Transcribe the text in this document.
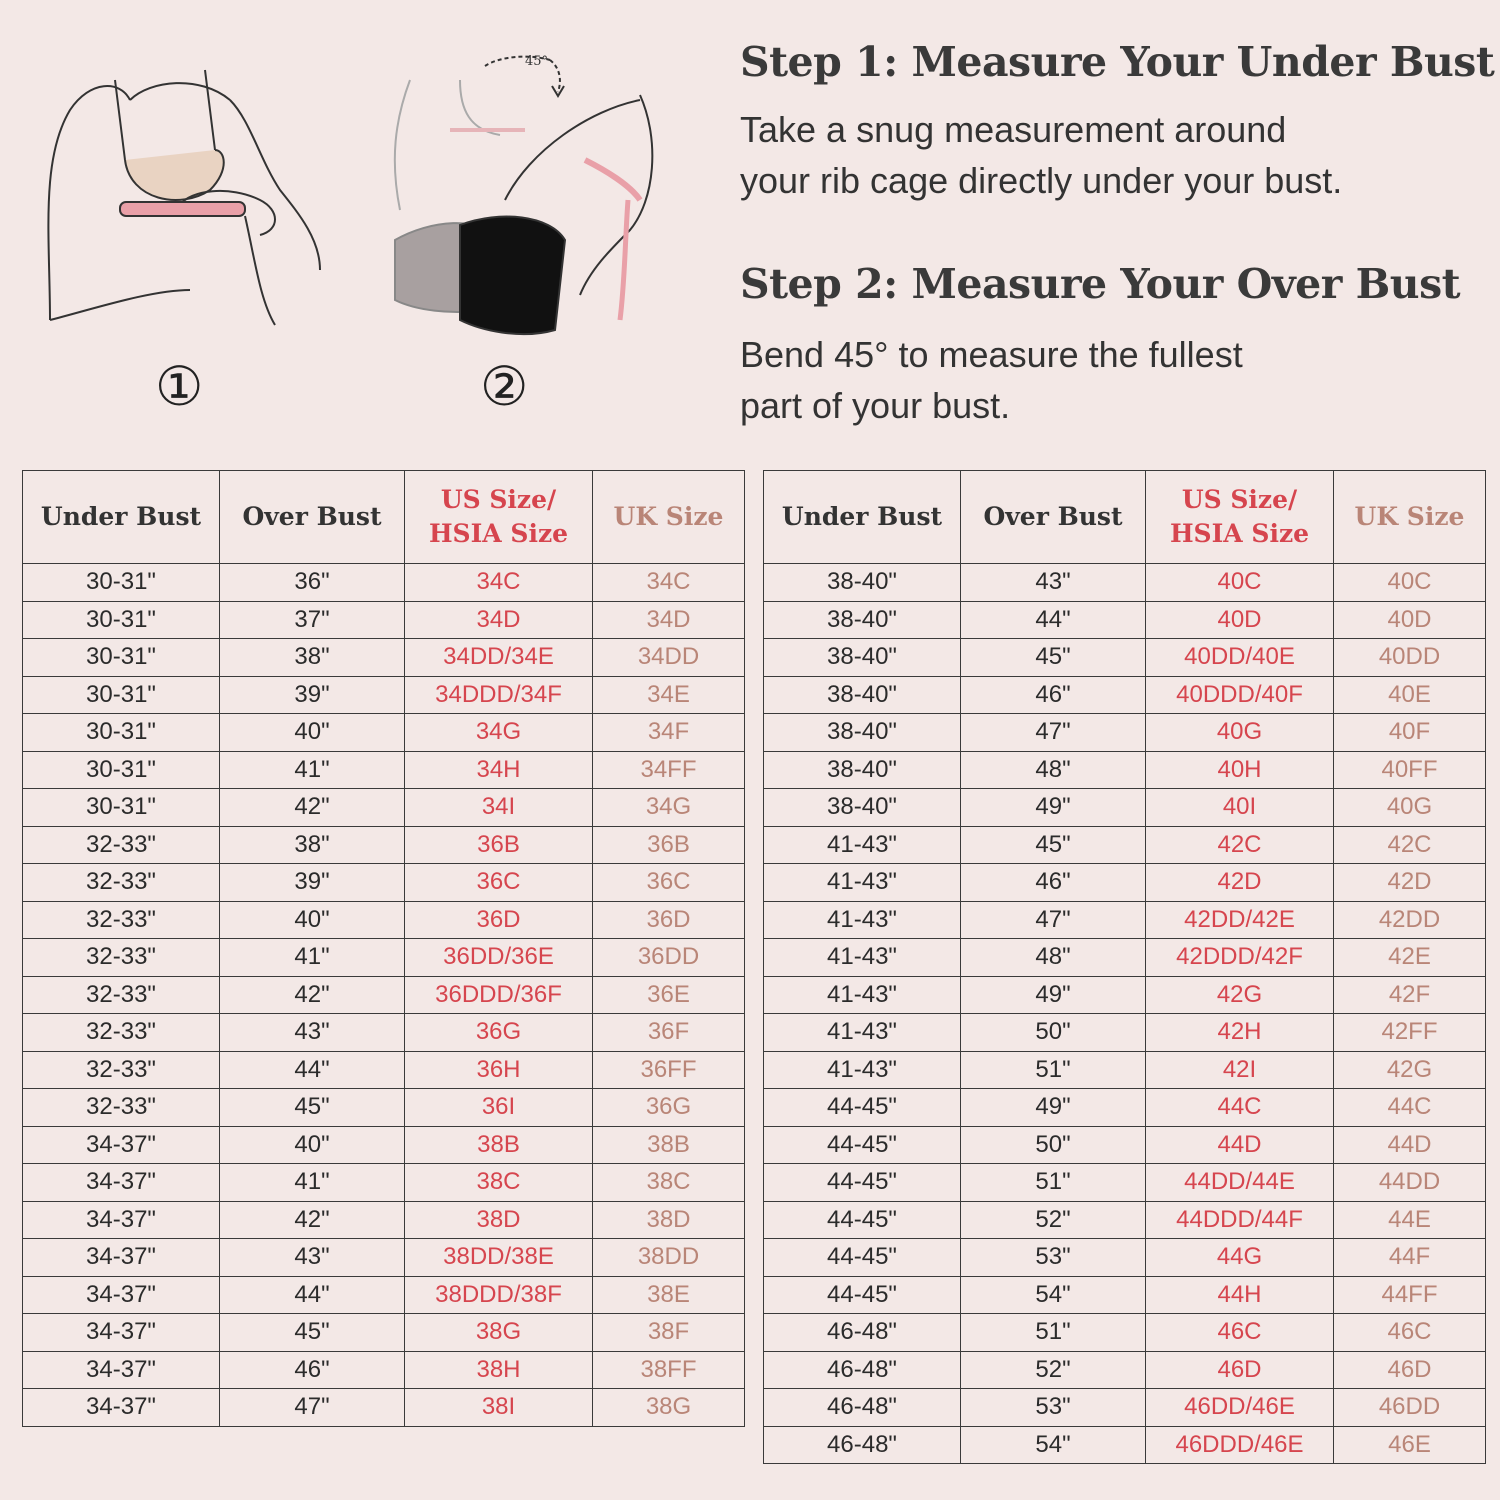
45°
①	②
Step 1: Measure Your Under Bust
Take a snug measurement around
your rib cage directly under your bust.
Step 2: Measure Your Over Bust
Bend 45° to measure the fullest
part of your bust.
Under Bust	Over Bust	US Size/
HSIA Size	UK Size
30-31"	36"	34C	34C
30-31"	37"	34D	34D
30-31"	38"	34DD/34E	34DD
30-31"	39"	34DDD/34F	34E
30-31"	40"	34G	34F
30-31"	41"	34H	34FF
30-31"	42"	34I	34G
32-33"	38"	36B	36B
32-33"	39"	36C	36C
32-33"	40"	36D	36D
32-33"	41"	36DD/36E	36DD
32-33"	42"	36DDD/36F	36E
32-33"	43"	36G	36F
32-33"	44"	36H	36FF
32-33"	45"	36I	36G
34-37"	40"	38B	38B
34-37"	41"	38C	38C
34-37"	42"	38D	38D
34-37"	43"	38DD/38E	38DD
34-37"	44"	38DDD/38F	38E
34-37"	45"	38G	38F
34-37"	46"	38H	38FF
34-37"	47"	38I	38G
Under Bust	Over Bust	US Size/
HSIA Size	UK Size
38-40"	43"	40C	40C
38-40"	44"	40D	40D
38-40"	45"	40DD/40E	40DD
38-40"	46"	40DDD/40F	40E
38-40"	47"	40G	40F
38-40"	48"	40H	40FF
38-40"	49"	40I	40G
41-43"	45"	42C	42C
41-43"	46"	42D	42D
41-43"	47"	42DD/42E	42DD
41-43"	48"	42DDD/42F	42E
41-43"	49"	42G	42F
41-43"	50"	42H	42FF
41-43"	51"	42I	42G
44-45"	49"	44C	44C
44-45"	50"	44D	44D
44-45"	51"	44DD/44E	44DD
44-45"	52"	44DDD/44F	44E
44-45"	53"	44G	44F
44-45"	54"	44H	44FF
46-48"	51"	46C	46C
46-48"	52"	46D	46D
46-48"	53"	46DD/46E	46DD
46-48"	54"	46DDD/46E	46E
